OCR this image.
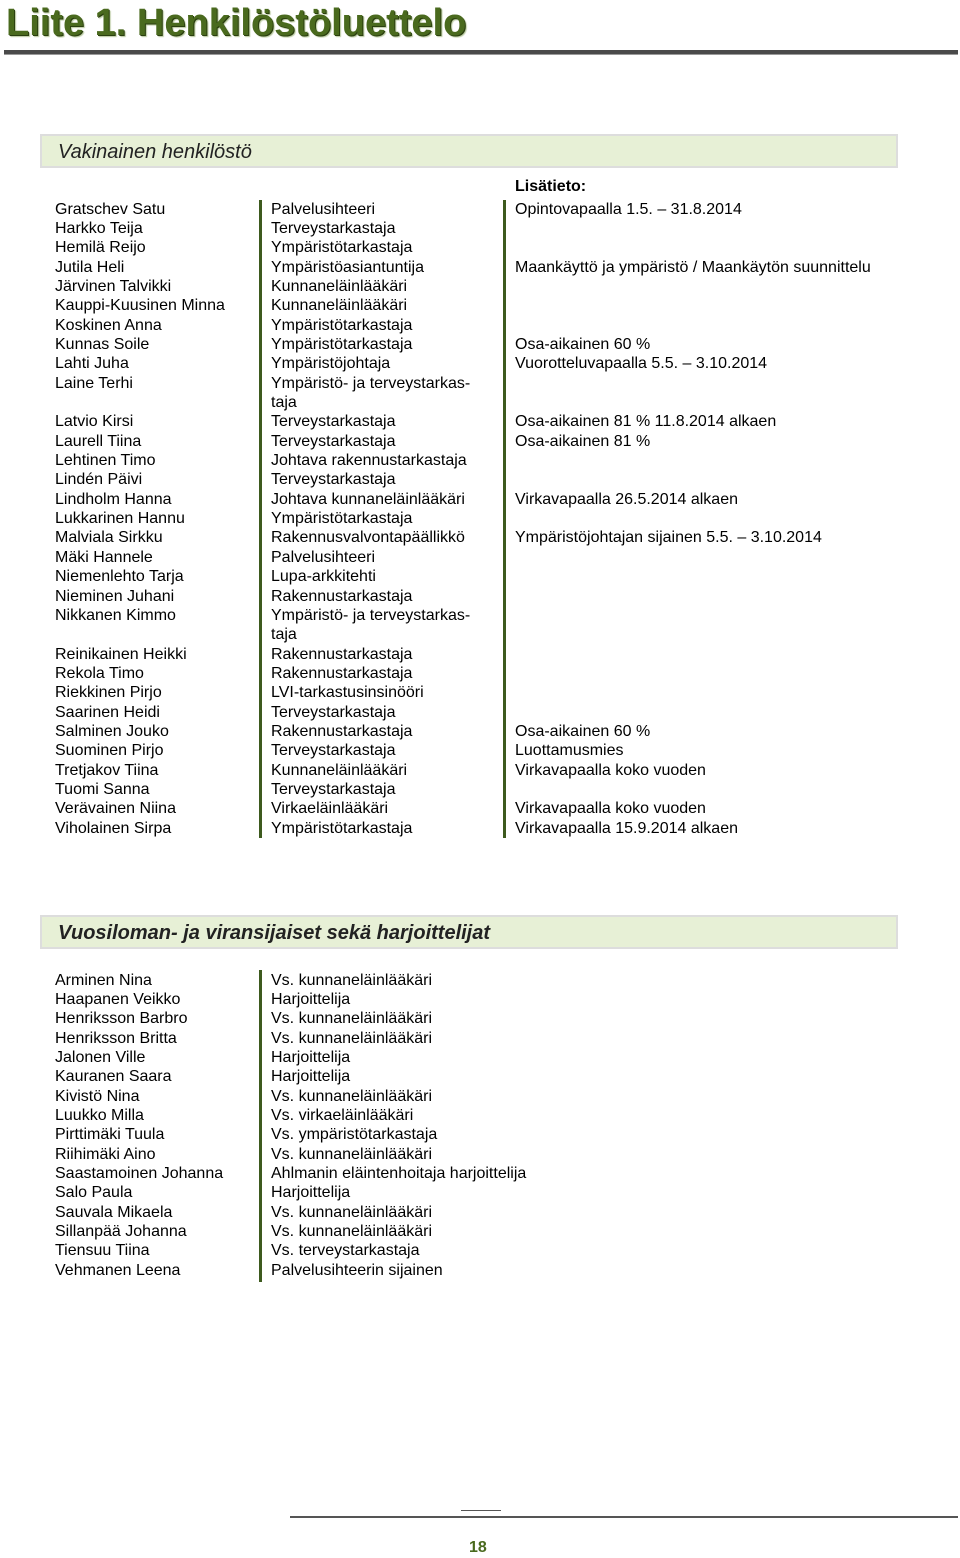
Liite 1. Henkilöstöluettelo
Vakinainen henkilöstö
Lisätieto:
Gratschev Satu	Palvelusihteeri	Opintovapaalla 1.5. – 31.8.2014
Harkko Teija	Terveystarkastaja
Hemilä Reijo	Ympäristötarkastaja
Jutila Heli	Ympäristöasiantuntija	Maankäyttö ja ympäristö / Maankäytön suunnittelu
Järvinen Talvikki	Kunnaneläinlääkäri
Kauppi-Kuusinen Minna	Kunnaneläinlääkäri
Koskinen Anna	Ympäristötarkastaja
Kunnas Soile	Ympäristötarkastaja	Osa-aikainen 60 %
Lahti Juha	Ympäristöjohtaja	Vuorotteluvapaalla 5.5. – 3.10.2014
Laine Terhi	Ympäristö- ja terveystarkas-
taja
Latvio Kirsi	Terveystarkastaja	Osa-aikainen 81 % 11.8.2014 alkaen
Laurell Tiina	Terveystarkastaja	Osa-aikainen 81 %
Lehtinen Timo	Johtava rakennustarkastaja
Lindén Päivi	Terveystarkastaja
Lindholm Hanna	Johtava kunnaneläinlääkäri	Virkavapaalla 26.5.2014 alkaen
Lukkarinen Hannu	Ympäristötarkastaja
Malviala Sirkku	Rakennusvalvontapäällikkö	Ympäristöjohtajan sijainen 5.5. – 3.10.2014
Mäki Hannele	Palvelusihteeri
Niemenlehto Tarja	Lupa-arkkitehti
Nieminen Juhani	Rakennustarkastaja
Nikkanen Kimmo	Ympäristö- ja terveystarkas-
taja
Reinikainen Heikki	Rakennustarkastaja
Rekola Timo	Rakennustarkastaja
Riekkinen Pirjo	LVI-tarkastusinsinööri
Saarinen Heidi	Terveystarkastaja
Salminen Jouko	Rakennustarkastaja	Osa-aikainen 60 %
Suominen Pirjo	Terveystarkastaja	Luottamusmies
Tretjakov Tiina	Kunnaneläinlääkäri	Virkavapaalla koko vuoden
Tuomi Sanna	Terveystarkastaja
Verävainen Niina	Virkaeläinlääkäri	Virkavapaalla koko vuoden
Viholainen Sirpa	Ympäristötarkastaja	Virkavapaalla 15.9.2014 alkaen
Vuosiloman- ja viransijaiset sekä harjoittelijat
Arminen Nina	Vs. kunnaneläinlääkäri
Haapanen Veikko	Harjoittelija
Henriksson Barbro	Vs. kunnaneläinlääkäri
Henriksson Britta	Vs. kunnaneläinlääkäri
Jalonen Ville	Harjoittelija
Kauranen Saara	Harjoittelija
Kivistö Nina	Vs. kunnaneläinlääkäri
Luukko Milla	Vs. virkaeläinlääkäri
Pirttimäki Tuula	Vs. ympäristötarkastaja
Riihimäki Aino	Vs. kunnaneläinlääkäri
Saastamoinen Johanna	Ahlmanin eläintenhoitaja harjoittelija
Salo Paula	Harjoittelija
Sauvala Mikaela	Vs. kunnaneläinlääkäri
Sillanpää Johanna	Vs. kunnaneläinlääkäri
Tiensuu Tiina	Vs. terveystarkastaja
Vehmanen Leena	Palvelusihteerin sijainen
18
